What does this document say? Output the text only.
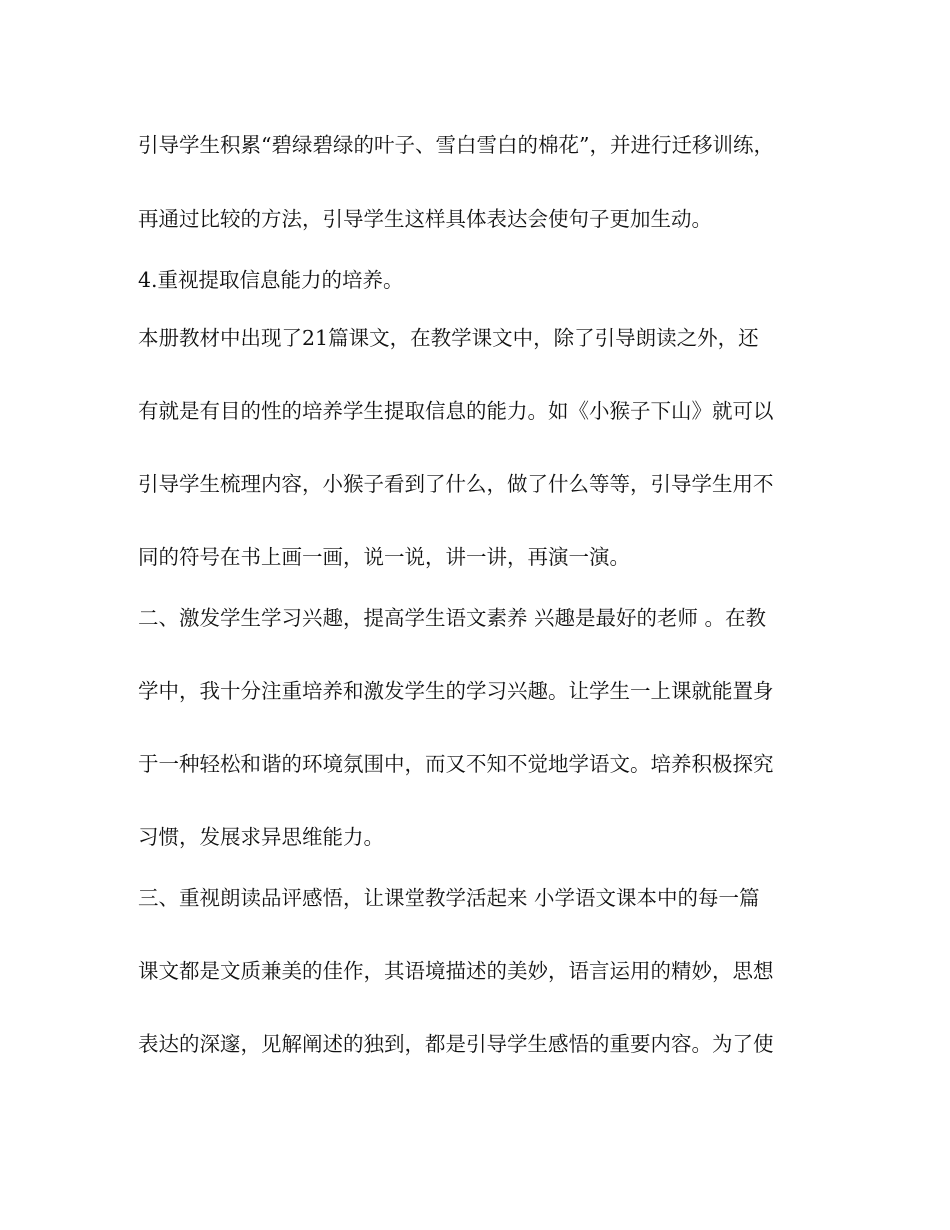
引导学生积累“碧绿碧绿的叶子、雪白雪白的棉花”，并进行迁移训练，
再通过比较的方法，引导学生这样具体表达会使句子更加生动。
4.重视提取信息能力的培养。
本册教材中出现了21篇课文，在教学课文中，除了引导朗读之外，还
有就是有目的性的培养学生提取信息的能力。如《小猴子下山》就可以
引导学生梳理内容，小猴子看到了什么，做了什么等等，引导学生用不
同的符号在书上画一画，说一说，讲一讲，再演一演。
二、激发学生学习兴趣，提高学生语文素养 兴趣是最好的老师 。在教
学中，我十分注重培养和激发学生的学习兴趣。让学生一上课就能置身
于一种轻松和谐的环境氛围中，而又不知不觉地学语文。培养积极探究
习惯，发展求异思维能力。
三、重视朗读品评感悟，让课堂教学活起来 小学语文课本中的每一篇
课文都是文质兼美的佳作，其语境描述的美妙，语言运用的精妙，思想
表达的深邃，见解阐述的独到，都是引导学生感悟的重要内容。为了使
